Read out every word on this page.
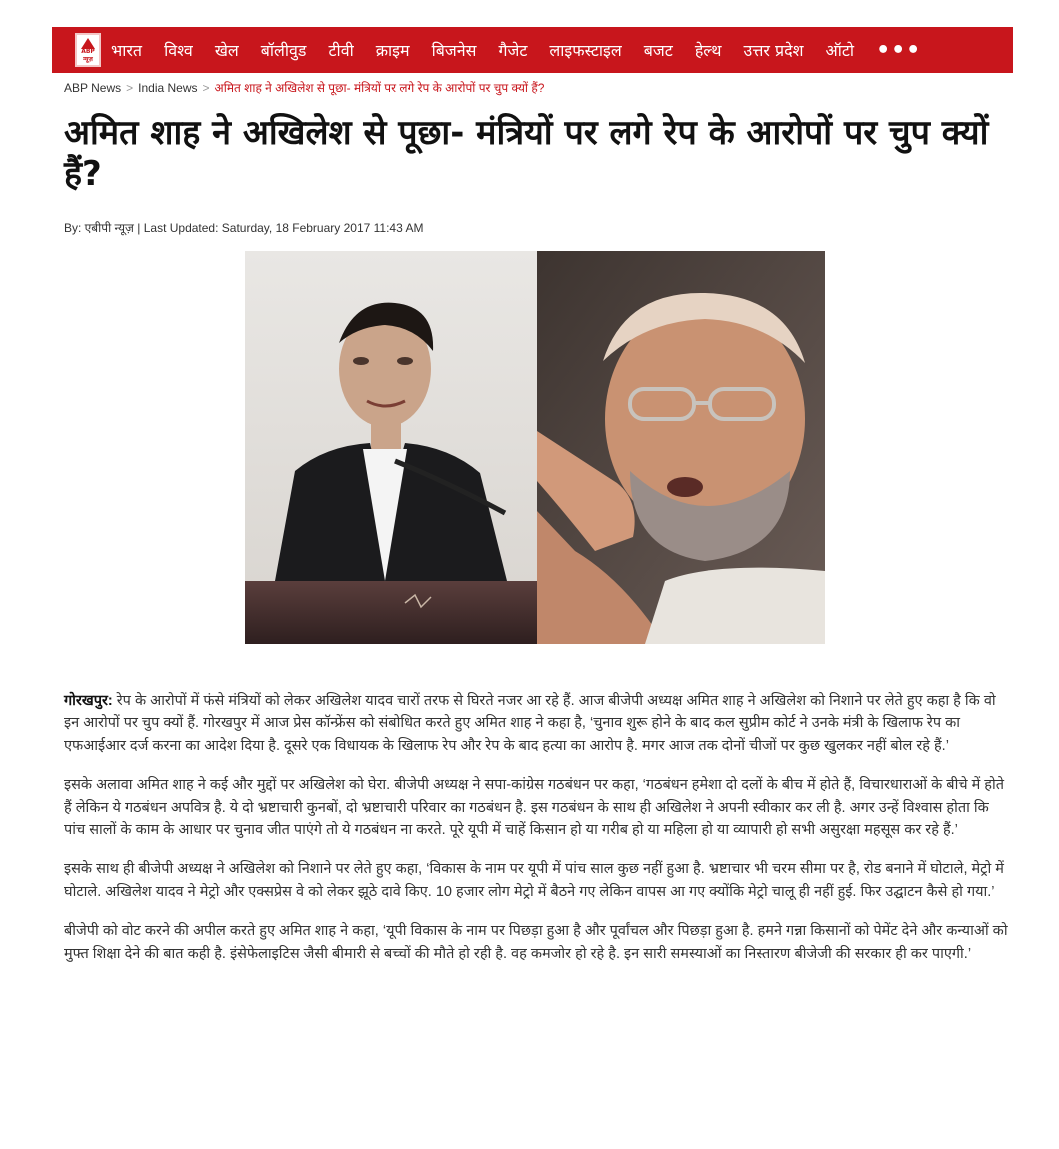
ABP न्यूज़	भारत विश्व खेल बॉलीवुड टीवी क्राइम बिजनेस गैजेट लाइफस्टाइल बजट हेल्थ उत्तर प्रदेश ऑटो •••
ABP News > India News > अमित शाह ने अखिलेश से पूछा- मंत्रियों पर लगे रेप के आरोपों पर चुप क्यों हैं?
अमित शाह ने अखिलेश से पूछा- मंत्रियों पर लगे रेप के आरोपों पर चुप क्यों हैं?
By: एबीपी न्यूज़ | Last Updated: Saturday, 18 February 2017 11:43 AM

गोरखपुर: रेप के आरोपों में फंसे मंत्रियों को लेकर अखिलेश यादव चारों तरफ से घिरते नजर आ रहे हैं. आज बीजेपी अध्यक्ष अमित शाह ने अखिलेश को निशाने पर लेते हुए कहा है कि वो इन आरोपों पर चुप क्यों हैं. गोरखपुर में आज प्रेस कॉन्फ्रेंस को संबोधित करते हुए अमित शाह ने कहा है, ‘चुनाव शुरू होने के बाद कल सुप्रीम कोर्ट ने उनके मंत्री के खिलाफ रेप का एफआईआर दर्ज करना का आदेश दिया है. दूसरे एक विधायक के खिलाफ रेप और रेप के बाद हत्या का आरोप है. मगर आज तक दोनों चीजों पर कुछ खुलकर नहीं बोल रहे हैं.’

इसके अलावा अमित शाह ने कई और मुद्दों पर अखिलेश को घेरा. बीजेपी अध्यक्ष ने सपा-कांग्रेस गठबंधन पर कहा, ‘गठबंधन हमेशा दो दलों के बीच में होते हैं, विचारधाराओं के बीचे में होते हैं लेकिन ये गठबंधन अपवित्र है. ये दो भ्रष्टाचारी कुनबों, दो भ्रष्टाचारी परिवार का गठबंधन है. इस गठबंधन के साथ ही अखिलेश ने अपनी स्वीकार कर ली है. अगर उन्हें विश्वास होता कि पांच सालों के काम के आधार पर चुनाव जीत पाएंगे तो ये गठबंधन ना करते. पूरे यूपी में चाहें किसान हो या गरीब हो या महिला हो या व्यापारी हो सभी असुरक्षा महसूस कर रहे हैं.’

इसके साथ ही बीजेपी अध्यक्ष ने अखिलेश को निशाने पर लेते हुए कहा, ‘विकास के नाम पर यूपी में पांच साल कुछ नहीं हुआ है. भ्रष्टाचार भी चरम सीमा पर है, रोड बनाने में घोटाले, मेट्रो में घोटाले. अखिलेश यादव ने मेट्रो और एक्सप्रेस वे को लेकर झूठे दावे किए. 10 हजार लोग मेट्रो में बैठने गए लेकिन वापस आ गए क्योंकि मेट्रो चालू ही नहीं हुई. फिर उद्घाटन कैसे हो गया.’

बीजेपी को वोट करने की अपील करते हुए अमित शाह ने कहा, ‘यूपी विकास के नाम पर पिछड़ा हुआ है और पूर्वांचल और पिछड़ा हुआ है. हमने गन्ना किसानों को पेमेंट देने और कन्याओं को मुफ्त शिक्षा देने की बात कही है. इंसेफेलाइटिस जैसी बीमारी से बच्चों की मौते हो रही है. वह कमजोर हो रहे है. इन सारी समस्याओं का निस्तारण बीजेजी की सरकार ही कर पाएगी.’
